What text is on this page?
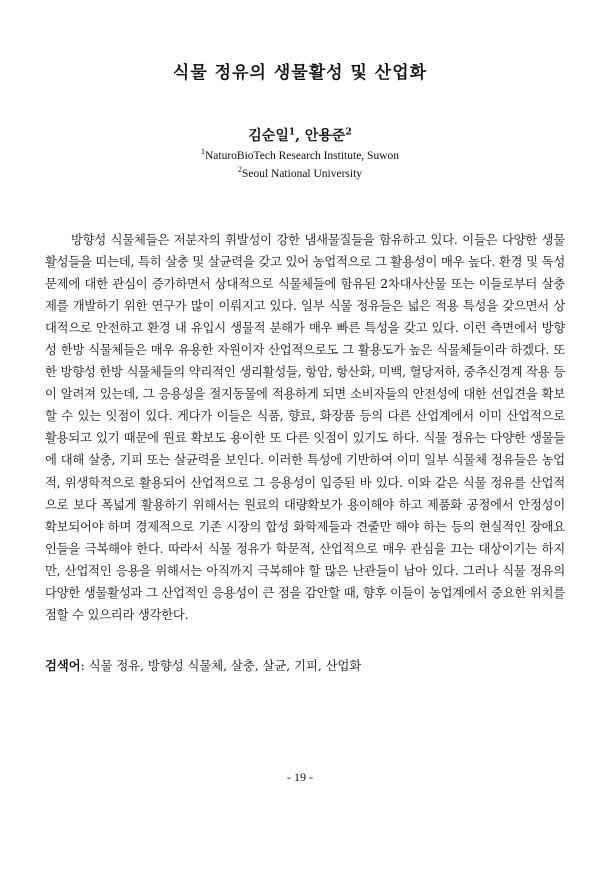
식물 정유의 생물활성 및 산업화
김순일$^1$, 안용준$^2$
$^1$NaturoBioTech Research Institute, Suwon
$^2$Seoul National University

방향성 식물체들은 저분자의 휘발성이 강한 냄새물질들을 함유하고 있다. 이들은 다양한 생물활성들을 띠는데, 특히 살충 및 살균력을 갖고 있어 농업적으로 그 활용성이 매우 높다. 환경 및 독성 문제에 대한 관심이 증가하면서 상대적으로 식물체들에 함유된 2차대사산물 또는 이들로부터 살충제를 개발하기 위한 연구가 많이 이뤄지고 있다. 일부 식물 정유들은 넓은 적용 특성을 갖으면서 상대적으로 안전하고 환경 내 유입시 생물적 분해가 매우 빠른 특성을 갖고 있다. 이런 측면에서 방향성 한방 식물체들은 매우 유용한 자원이자 산업적으로도 그 활용도가 높은 식물체들이라 하겠다. 또한 방향성 한방 식물체들의 약리적인 생리활성들, 항암, 항산화, 미백, 혈당저하, 중추신경계 작용 등이 알려져 있는데, 그 응용성을 절지동물에 적용하게 되면 소비자들의 안전성에 대한 선입견을 확보할 수 있는 잇점이 있다. 게다가 이들은 식품, 향료, 화장품 등의 다른 산업계에서 이미 산업적으로 활용되고 있기 때문에 원료 확보도 용이한 또 다른 잇점이 있기도 하다. 식물 정유는 다양한 생물들에 대해 살충, 기피 또는 살균력을 보인다. 이러한 특성에 기반하여 이미 일부 식물체 정유들은 농업적, 위생학적으로 활용되어 산업적으로 그 응용성이 입증된 바 있다. 이와 같은 식물 정유를 산업적으로 보다 폭넓게 활용하기 위해서는 원료의 대량확보가 용이해야 하고 제품화 공정에서 안정성이 확보되어야 하며 경제적으로 기존 시장의 합성 화학제들과 견줄만 해야 하는 등의 현실적인 장애요인들을 극복해야 한다. 따라서 식물 정유가 학문적, 산업적으로 매우 관심을 끄는 대상이기는 하지만, 산업적인 응용을 위해서는 아직까지 극복해야 할 많은 난관들이 남아 있다. 그러나 식물 정유의 다양한 생물활성과 그 산업적인 응용성이 큰 점을 감안할 때, 향후 이들이 농업계에서 중요한 위치를 점할 수 있으리라 생각한다.

검색어: 식물 정유, 방향성 식물체, 살충, 살균, 기피, 산업화
- 19 -
